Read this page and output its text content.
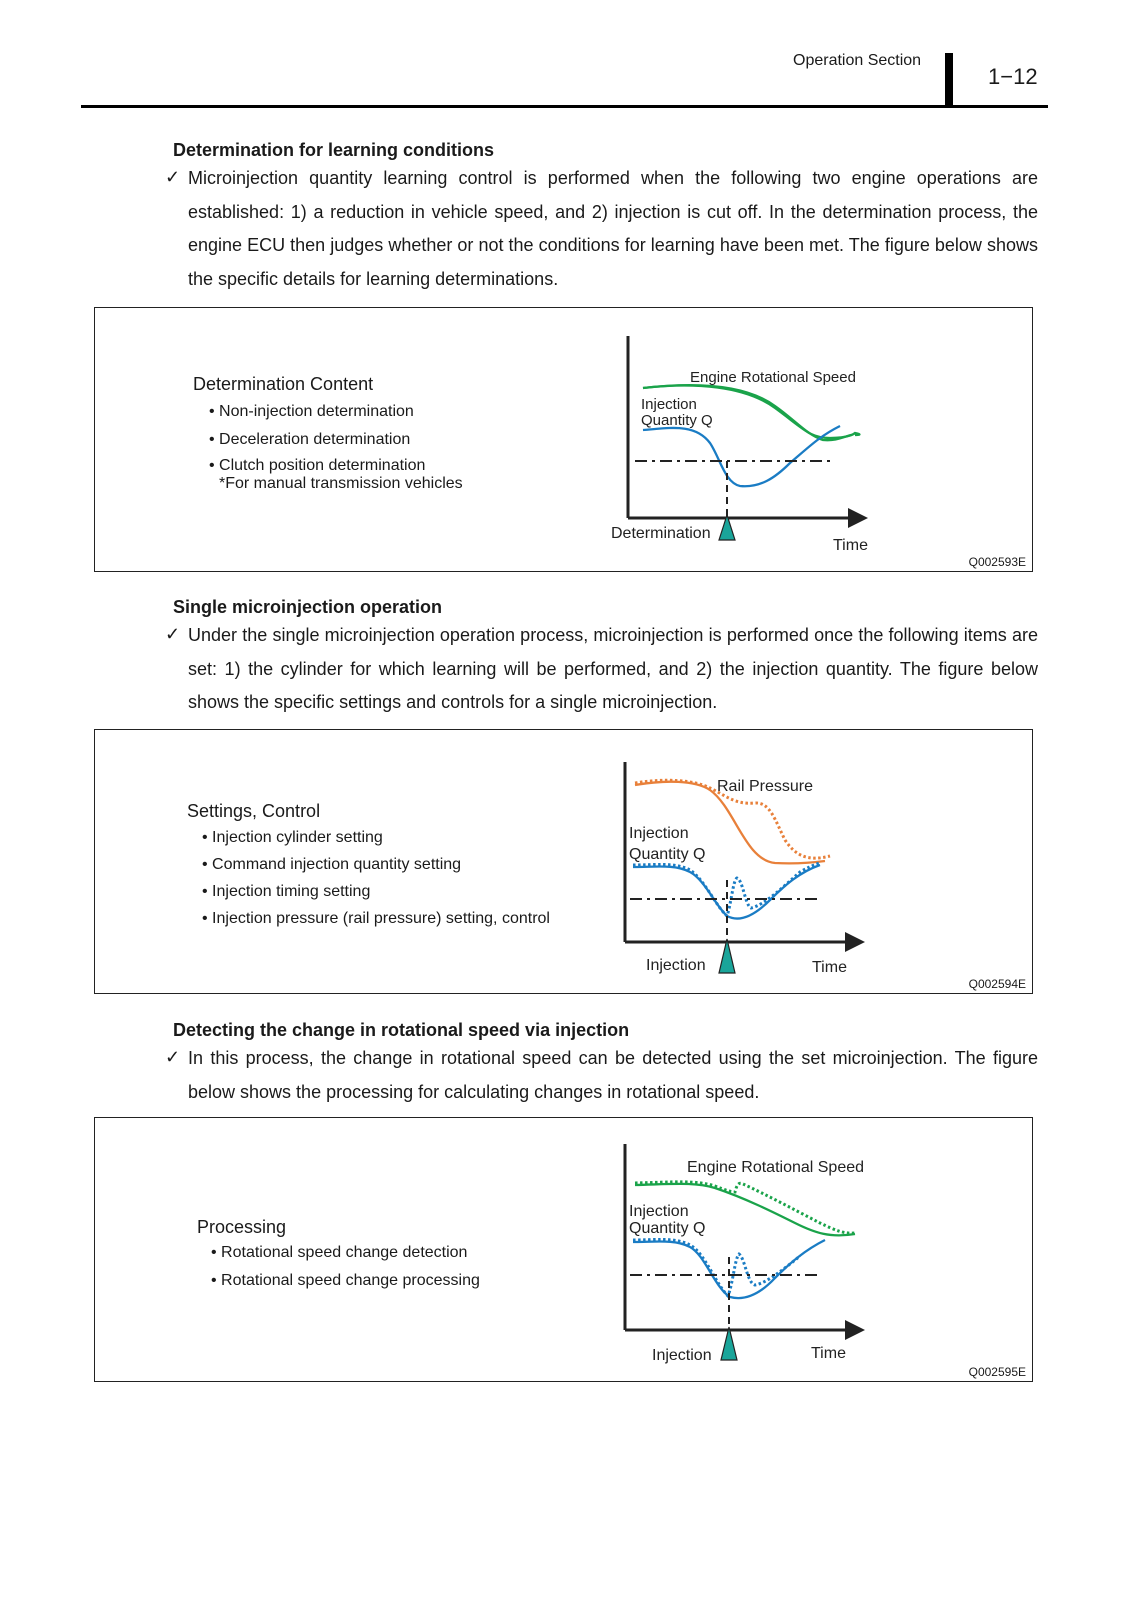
Operation Section
1−12
Determination for learning conditions
✓ Microinjection quantity learning control is performed when the following two engine operations are established: 1) a reduction in vehicle speed, and 2) injection is cut off. In the determination process, the engine ECU then judges whether or not the conditions for learning have been met. The figure below shows the specific details for learning determinations.
Determination Content
• Non-injection determination
• Deceleration determination
• Clutch position determination
*For manual transmission vehicles
Engine Rotational Speed
Injection
Quantity Q
Determination
Time
Q002593E
Single microinjection operation
✓ Under the single microinjection operation process, microinjection is performed once the following items are set: 1) the cylinder for which learning will be performed, and 2) the injection quantity. The figure below shows the specific settings and controls for a single microinjection.
Settings, Control
• Injection cylinder setting
• Command injection quantity setting
• Injection timing setting
• Injection pressure (rail pressure) setting, control
Rail Pressure
Injection
Quantity Q
Injection	Time
Q002594E
Detecting the change in rotational speed via injection
✓ In this process, the change in rotational speed can be detected using the set microinjection. The figure below shows the processing for calculating changes in rotational speed.
Processing
• Rotational speed change detection
• Rotational speed change processing
Engine Rotational Speed
Injection
Quantity Q
Injection	Time
Q002595E
